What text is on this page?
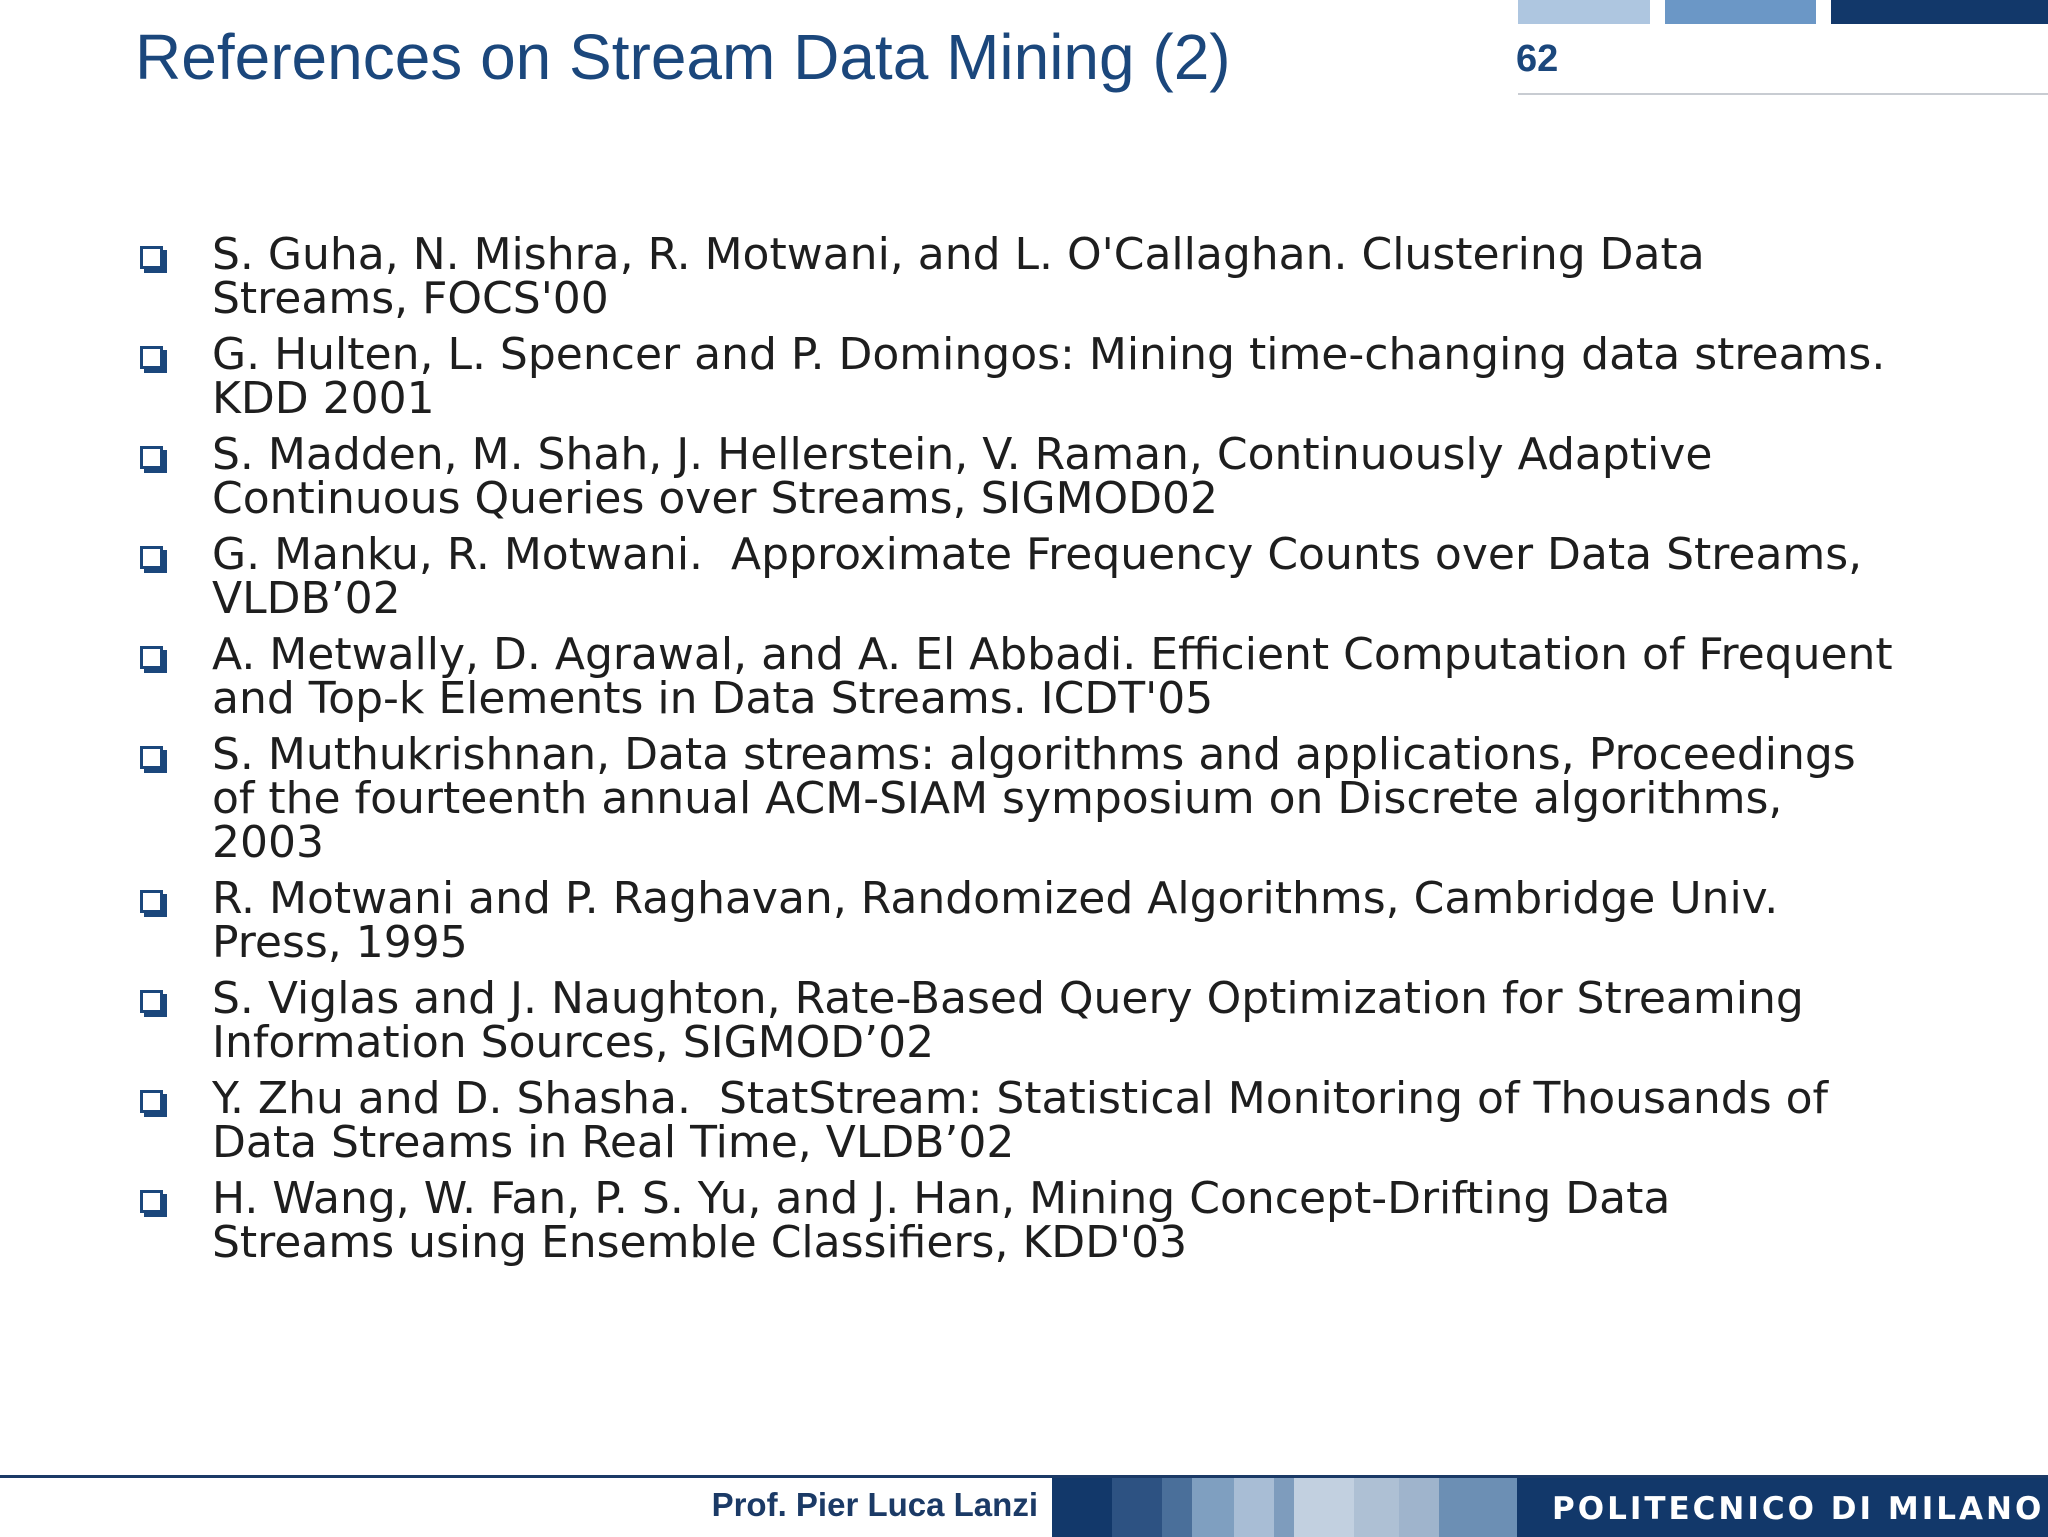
References on Stream Data Mining (2)	62
S. Guha, N. Mishra, R. Motwani, and L. O'Callaghan. Clustering Data
Streams, FOCS'00
G. Hulten, L. Spencer and P. Domingos: Mining time-changing data streams.
KDD 2001
S. Madden, M. Shah, J. Hellerstein, V. Raman, Continuously Adaptive
Continuous Queries over Streams, SIGMOD02
G. Manku, R. Motwani.  Approximate Frequency Counts over Data Streams,
VLDB’02
A. Metwally, D. Agrawal, and A. El Abbadi. Efficient Computation of Frequent
and Top-k Elements in Data Streams. ICDT'05
S. Muthukrishnan, Data streams: algorithms and applications, Proceedings
of the fourteenth annual ACM-SIAM symposium on Discrete algorithms,
2003
R. Motwani and P. Raghavan, Randomized Algorithms, Cambridge Univ.
Press, 1995
S. Viglas and J. Naughton, Rate-Based Query Optimization for Streaming
Information Sources, SIGMOD’02
Y. Zhu and D. Shasha.  StatStream: Statistical Monitoring of Thousands of
Data Streams in Real Time, VLDB’02
H. Wang, W. Fan, P. S. Yu, and J. Han, Mining Concept-Drifting Data
Streams using Ensemble Classifiers, KDD'03
Prof. Pier Luca Lanzi	POLITECNICO DI MILANO
